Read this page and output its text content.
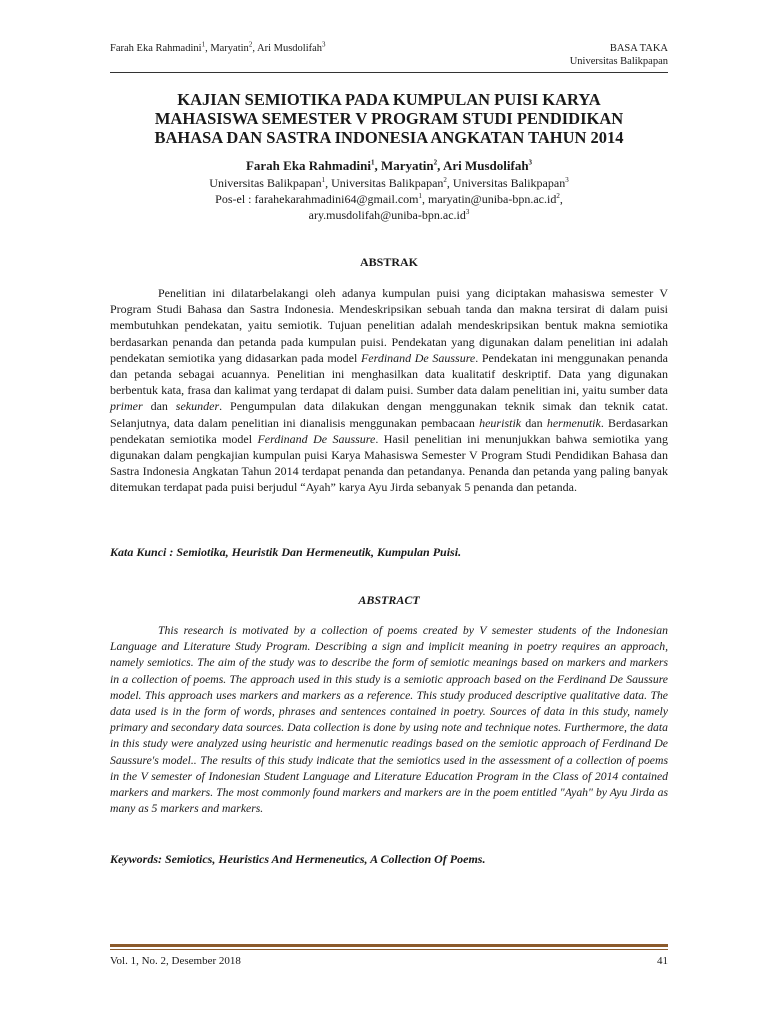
Farah Eka Rahmadini$^1$, Maryatin$^2$, Ari Musdolifah$^3$	BASA TAKA
Universitas Balikpapan
KAJIAN SEMIOTIKA PADA KUMPULAN PUISI KARYA
MAHASISWA SEMESTER V PROGRAM STUDI PENDIDIKAN
BAHASA DAN SASTRA INDONESIA ANGKATAN TAHUN 2014
Farah Eka Rahmadini$^1$, Maryatin$^2$, Ari Musdolifah$^3$
Universitas Balikpapan$^1$, Universitas Balikpapan$^2$, Universitas Balikpapan$^3$
Pos-el : farahekarahmadini64@gmail.com$^1$, $maryatin@uniba-bpn.ac.id^2$,
$ary.musdolifah@uniba-bpn.ac.id^3$
ABSTRAK

Penelitian ini dilatarbelakangi oleh adanya kumpulan puisi yang diciptakan mahasiswa semester V Program Studi Bahasa dan Sastra Indonesia. Mendeskripsikan sebuah tanda dan makna tersirat di dalam puisi membutuhkan pendekatan, yaitu semiotik. Tujuan penelitian adalah mendeskripsikan bentuk makna semiotika berdasarkan penanda dan petanda pada kumpulan puisi. Pendekatan yang digunakan dalam penelitian ini adalah pendekatan semiotika yang didasarkan pada model Ferdinand De Saussure. Pendekatan ini menggunakan penanda dan petanda sebagai acuannya. Penelitian ini menghasilkan data kualitatif deskriptif. Data yang digunakan berbentuk kata, frasa dan kalimat yang terdapat di dalam puisi. Sumber data dalam penelitian ini, yaitu sumber data primer dan sekunder. Pengumpulan data dilakukan dengan menggunakan teknik simak dan teknik catat. Selanjutnya, data dalam penelitian ini dianalisis menggunakan pembacaan heuristik dan hermenutik. Berdasarkan pendekatan semiotika model Ferdinand De Saussure. Hasil penelitian ini menunjukkan bahwa semiotika yang digunakan dalam pengkajian kumpulan puisi Karya Mahasiswa Semester V Program Studi Pendidikan Bahasa dan Sastra Indonesia Angkatan Tahun 2014 terdapat penanda dan petandanya. Penanda dan petanda yang paling banyak ditemukan terdapat pada puisi berjudul “Ayah” karya Ayu Jirda sebanyak 5 penanda dan petanda.

Kata Kunci : Semiotika, Heuristik Dan Hermeneutik, Kumpulan Puisi.

ABSTRACT

This research is motivated by a collection of poems created by V semester students of the Indonesian Language and Literature Study Program. Describing a sign and implicit meaning in poetry requires an approach, namely semiotics. The aim of the study was to describe the form of semiotic meanings based on markers and markers in a collection of poems. The approach used in this study is a semiotic approach based on the Ferdinand De Saussure model. This approach uses markers and markers as a reference. This study produced descriptive qualitative data. The data used is in the form of words, phrases and sentences contained in poetry. Sources of data in this study, namely primary and secondary data sources. Data collection is done by using note and technique notes. Furthermore, the data in this study were analyzed using heuristic and hermenutic readings based on the semiotic approach of Ferdinand De Saussure's model.. The results of this study indicate that the semiotics used in the assessment of a collection of poems in the V semester of Indonesian Student Language and Literature Education Program in the Class of 2014 contained markers and markers. The most commonly found markers and markers are in the poem entitled "Ayah" by Ayu Jirda as many as 5 markers and markers.

Keywords: Semiotics, Heuristics And Hermeneutics, A Collection Of Poems.

Vol. 1, No. 2, Desember 2018	41
